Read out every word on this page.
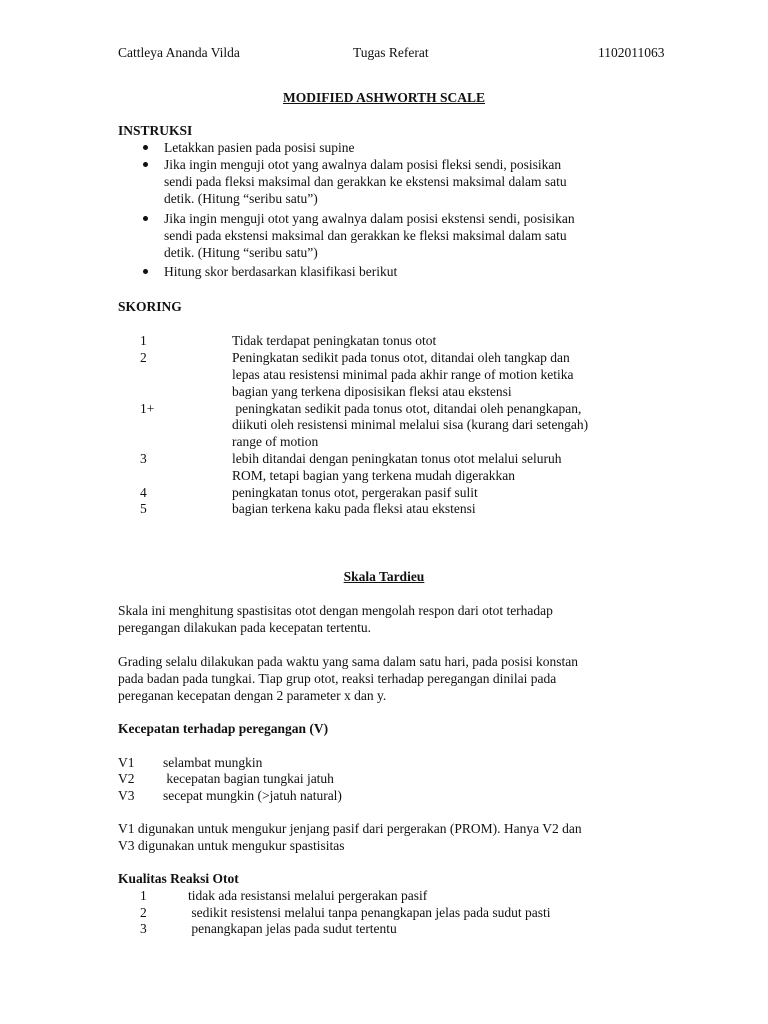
Cattleya Ananda Vilda	Tugas Referat	1102011063
MODIFIED ASHWORTH SCALE
INSTRUKSI
Letakkan pasien pada posisi supine
Jika ingin menguji otot yang awalnya dalam posisi fleksi sendi, posisikan
sendi pada fleksi maksimal dan gerakkan ke ekstensi maksimal dalam satu
detik. (Hitung “seribu satu”)
Jika ingin menguji otot yang awalnya dalam posisi ekstensi sendi, posisikan
sendi pada ekstensi maksimal dan gerakkan ke fleksi maksimal dalam satu
detik. (Hitung “seribu satu”)
Hitung skor berdasarkan klasifikasi berikut
SKORING
1	Tidak terdapat peningkatan tonus otot
2	Peningkatan sedikit pada tonus otot, ditandai oleh tangkap dan
lepas atau resistensi minimal pada akhir range of motion ketika
bagian yang terkena diposisikan fleksi atau ekstensi
1+	peningkatan sedikit pada tonus otot, ditandai oleh penangkapan,
diikuti oleh resistensi minimal melalui sisa (kurang dari setengah)
range of motion
3	lebih ditandai dengan peningkatan tonus otot melalui seluruh
ROM, tetapi bagian yang terkena mudah digerakkan
4	peningkatan tonus otot, pergerakan pasif sulit
5	bagian terkena kaku pada fleksi atau ekstensi
Skala Tardieu
Skala ini menghitung spastisitas otot dengan mengolah respon dari otot terhadap
peregangan dilakukan pada kecepatan tertentu.
Grading selalu dilakukan pada waktu yang sama dalam satu hari, pada posisi konstan
pada badan pada tungkai. Tiap grup otot, reaksi terhadap peregangan dinilai pada
pereganan kecepatan dengan 2 parameter x dan y.
Kecepatan terhadap peregangan (V)
V1 selambat mungkin
V2 kecepatan bagian tungkai jatuh
V3 secepat mungkin (>jatuh natural)
V1 digunakan untuk mengukur jenjang pasif dari pergerakan (PROM). Hanya V2 dan
V3 digunakan untuk mengukur spastisitas
Kualitas Reaksi Otot
1	tidak ada resistansi melalui pergerakan pasif
2	sedikit resistensi melalui tanpa penangkapan jelas pada sudut pasti
3	penangkapan jelas pada sudut tertentu
